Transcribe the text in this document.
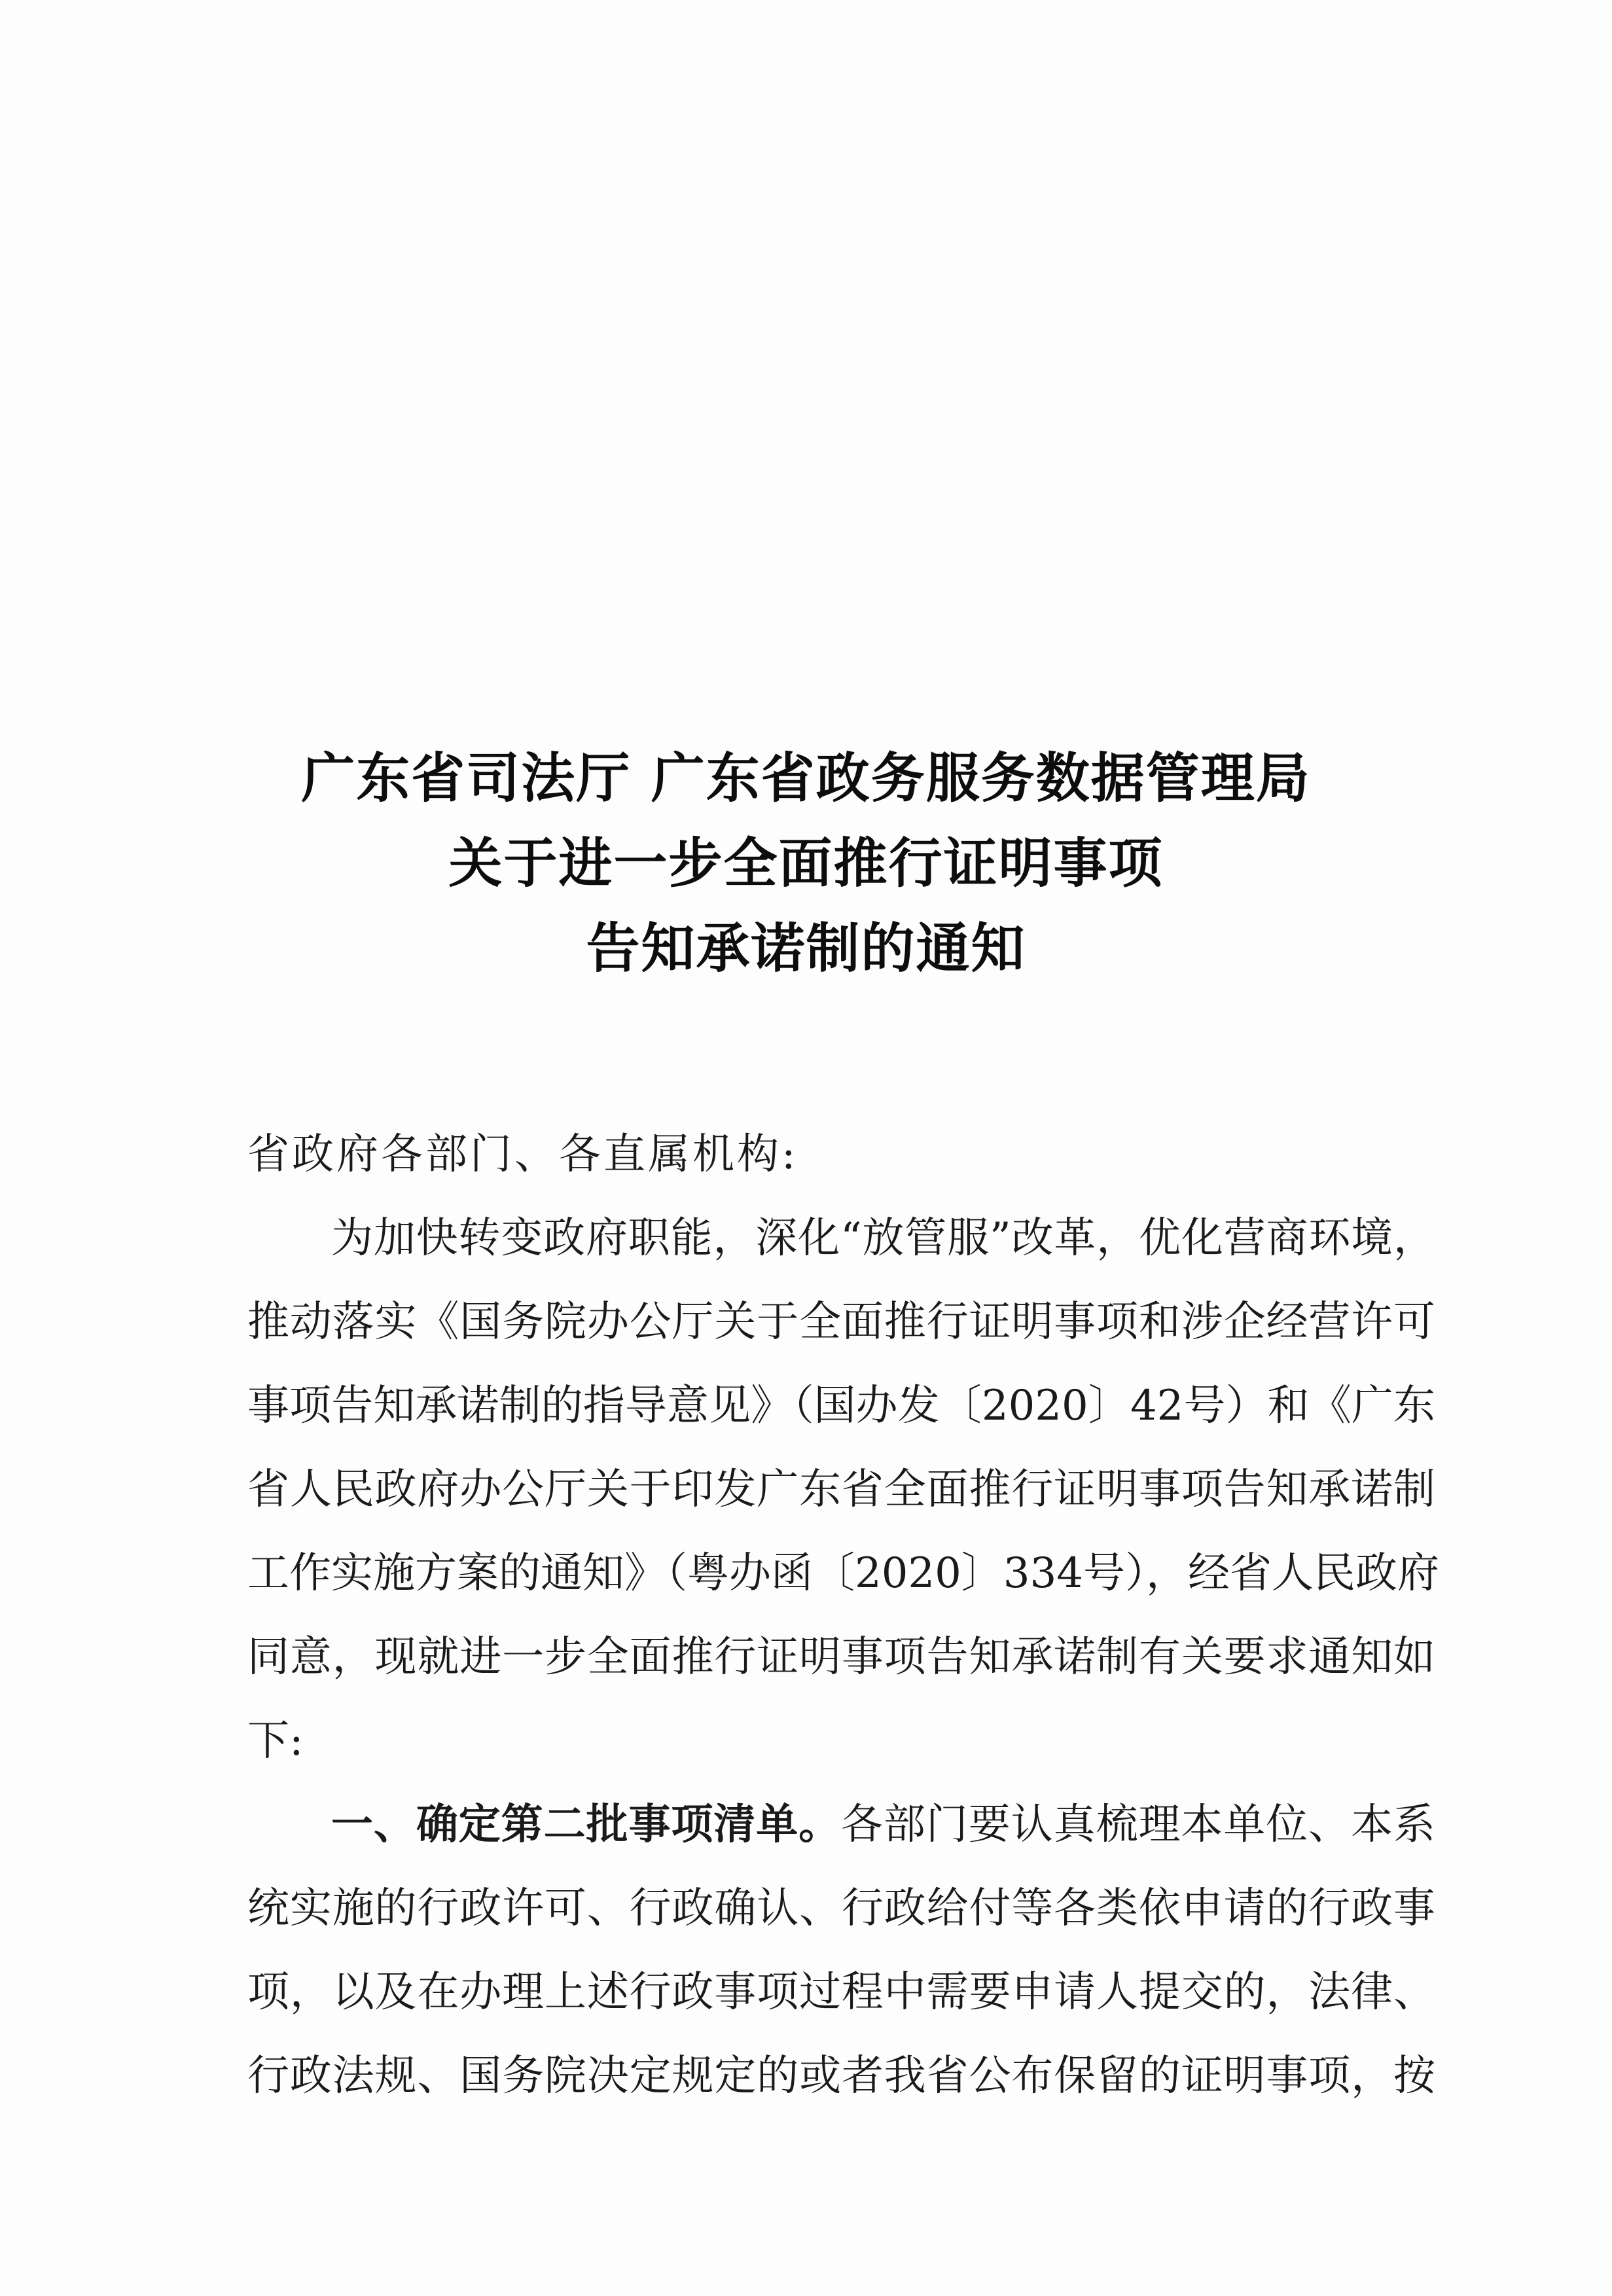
广东省司法厅 广东省政务服务数据管理局
关于进一步全面推行证明事项
告知承诺制的通知
省政府各部门、各直属机构:
为加快转变政府职能，深化“放管服”改革，优化营商环境，
推动落实《国务院办公厅关于全面推行证明事项和涉企经营许可
事项告知承诺制的指导意见》（国办发〔2020〕42号）和《广东
省人民政府办公厅关于印发广东省全面推行证明事项告知承诺制
工作实施方案的通知》（粤办函〔2020〕334号），经省人民政府
同意，现就进一步全面推行证明事项告知承诺制有关要求通知如
下:
一、确定第二批事项清单。各部门要认真梳理本单位、本系
统实施的行政许可、行政确认、行政给付等各类依申请的行政事
项，以及在办理上述行政事项过程中需要申请人提交的，法律、
行政法规、国务院决定规定的或者我省公布保留的证明事项，按
